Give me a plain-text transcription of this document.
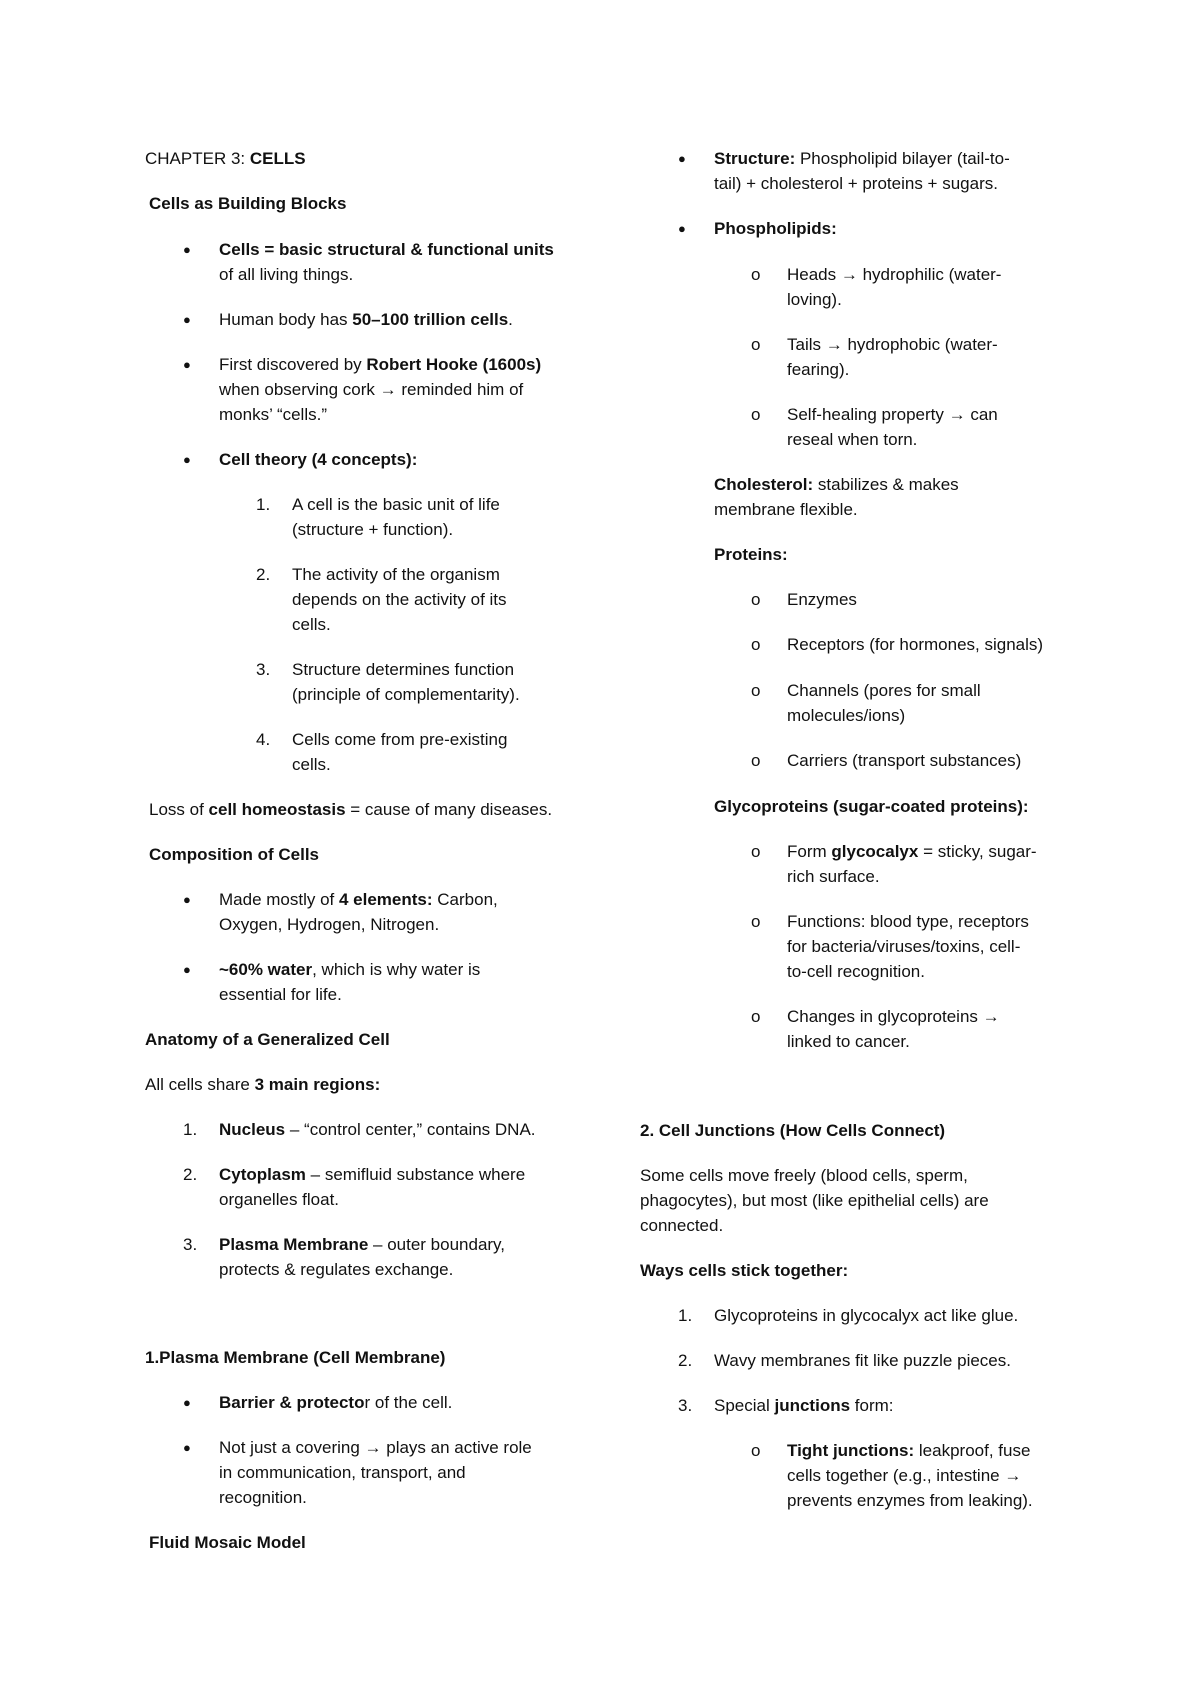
CHAPTER 3: CELLS
Cells as Building Blocks
● Cells = basic structural & functional units
of all living things.
● Human body has 50–100 trillion cells.
● First discovered by Robert Hooke (1600s)
when observing cork → reminded him of
monks’ “cells.”
● Cell theory (4 concepts):
1. A cell is the basic unit of life
(structure + function).
2. The activity of the organism
depends on the activity of its
cells.
3. Structure determines function
(principle of complementarity).
4. Cells come from pre-existing
cells.
Loss of cell homeostasis = cause of many diseases.
Composition of Cells
● Made mostly of 4 elements: Carbon,
Oxygen, Hydrogen, Nitrogen.
● ~60% water, which is why water is
essential for life.
Anatomy of a Generalized Cell
All cells share 3 main regions:
1. Nucleus – “control center,” contains DNA.
2. Cytoplasm – semifluid substance where
organelles float.
3. Plasma Membrane – outer boundary,
protects & regulates exchange.
1.Plasma Membrane (Cell Membrane)
● Barrier & protector of the cell.
● Not just a covering → plays an active role
in communication, transport, and
recognition.
Fluid Mosaic Model
● Structure: Phospholipid bilayer (tail-to-
tail) + cholesterol + proteins + sugars.
● Phospholipids:
o Heads → hydrophilic (water-
loving).
o Tails → hydrophobic (water-
fearing).
o Self-healing property → can
reseal when torn.
Cholesterol: stabilizes & makes
membrane flexible.
Proteins:
o Enzymes
o Receptors (for hormones, signals)
o Channels (pores for small
molecules/ions)
o Carriers (transport substances)
Glycoproteins (sugar-coated proteins):
o Form glycocalyx = sticky, sugar-
rich surface.
o Functions: blood type, receptors
for bacteria/viruses/toxins, cell-
to-cell recognition.
o Changes in glycoproteins →
linked to cancer.
2. Cell Junctions (How Cells Connect)
Some cells move freely (blood cells, sperm,
phagocytes), but most (like epithelial cells) are
connected.
Ways cells stick together:
1. Glycoproteins in glycocalyx act like glue.
2. Wavy membranes fit like puzzle pieces.
3. Special junctions form:
o Tight junctions: leakproof, fuse
cells together (e.g., intestine →
prevents enzymes from leaking).
